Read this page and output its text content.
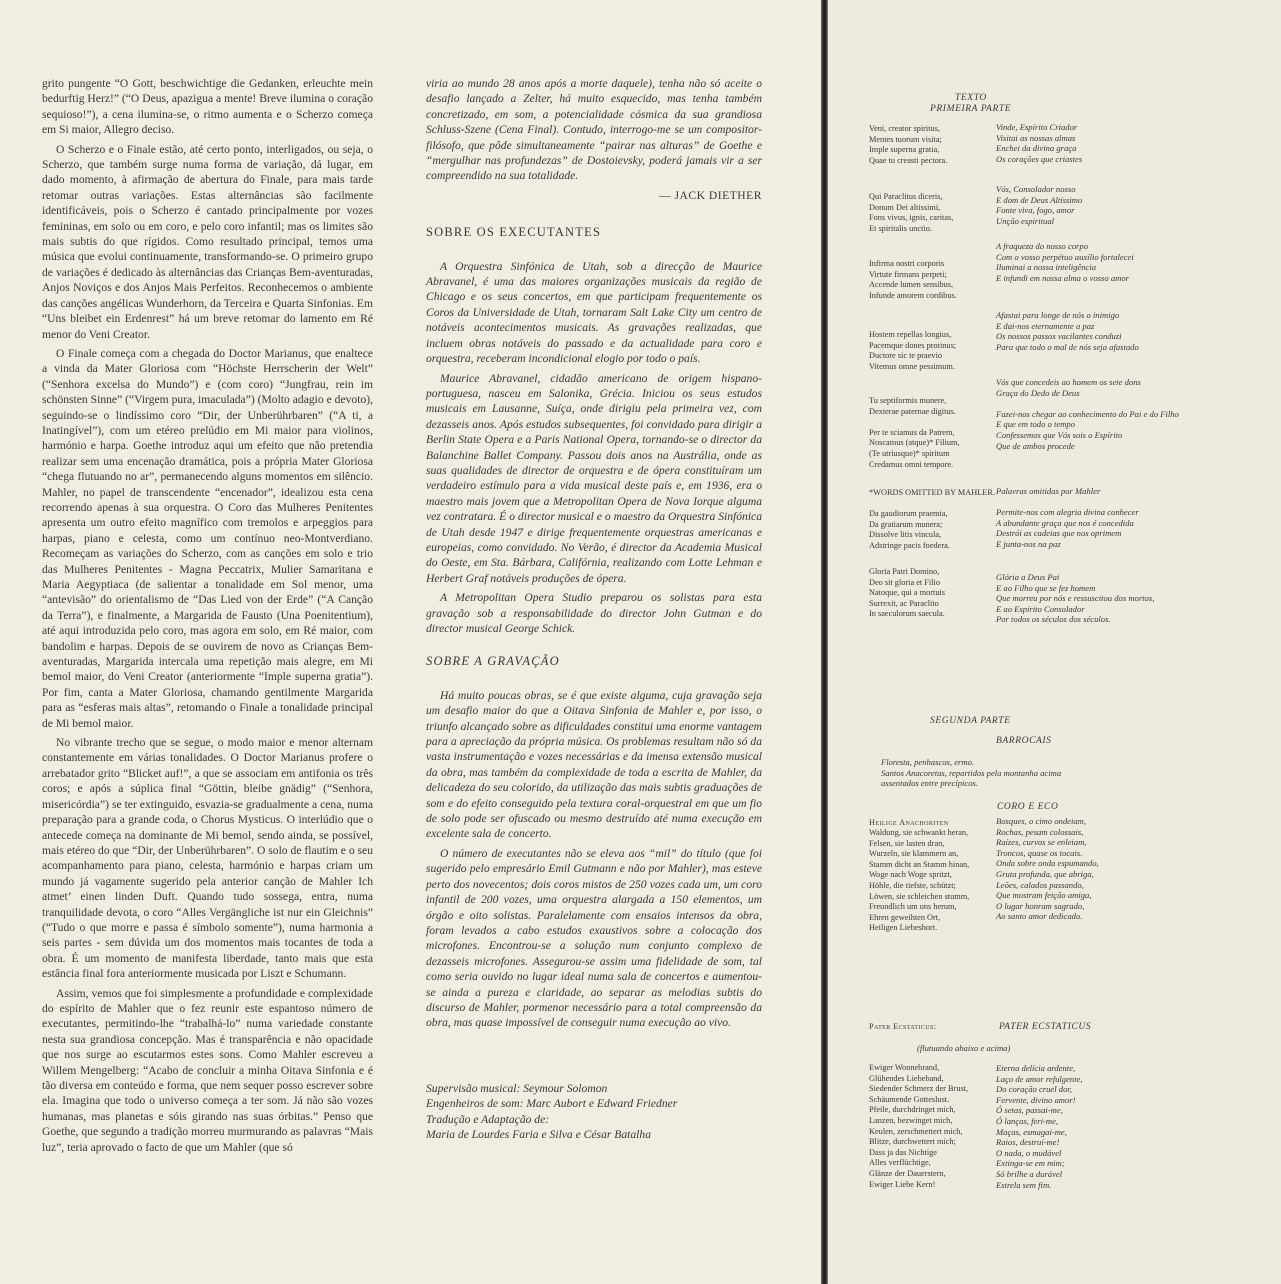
grito pungente “O Gott, beschwichtige die Gedanken, erleuchte mein bedurftig Herz!” (“O Deus, apazigua a mente! Breve ilumina o coração sequioso!”), a cena ilumina-se, o ritmo aumenta e o Scherzo começa em Si maior, Allegro deciso.

O Scherzo e o Finale estão, até certo ponto, interligados, ou seja, o Scherzo, que também surge numa forma de variação, dá lugar, em dado momento, à afirmação de abertura do Finale, para mais tarde retomar outras variações. Estas alternâncias são facilmente identificáveis, pois o Scherzo é cantado principalmente por vozes femininas, em solo ou em coro, e pelo coro infantil; mas os limites são mais subtis do que rígidos. Como resultado principal, temos uma música que evolui continuamente, transformando-se. O primeiro grupo de variações é dedicado às alternâncias das Crianças Bem-aventuradas, Anjos Noviços e dos Anjos Mais Perfeitos. Reconhecemos o ambiente das canções angélicas Wunderhorn, da Terceira e Quarta Sinfonias. Em “Uns bleibet ein Erdenrest” há um breve retomar do lamento em Ré menor do Veni Creator.

O Finale começa com a chegada do Doctor Marianus, que enaltece a vinda da Mater Gloriosa com “Höchste Herrscherin der Welt” (“Senhora excelsa do Mundo”) e (com coro) “Jungfrau, rein im schönsten Sinne” (“Virgem pura, imaculada”) (Molto adagio e devoto), seguindo-se o lindíssimo coro “Dir, der Unberührbaren” (“A ti, a Inatingível”), com um etéreo prelúdio em Mi maior para violinos, harmónio e harpa. Goethe introduz aqui um efeito que não pretendia realizar sem uma encenação dramática, pois a própria Mater Gloriosa “chega flutuando no ar”, permanecendo alguns momentos em silêncio. Mahler, no papel de transcendente “encenador”, idealizou esta cena recorrendo apenas à sua orquestra. O Coro das Mulheres Penitentes apresenta um outro efeito magnífico com tremolos e arpeggios para harpas, piano e celesta, como um contínuo neo-Montverdiano. Recomeçam as variações do Scherzo, com as canções em solo e trio das Mulheres Penitentes - Magna Peccatrix, Mulier Samaritana e Maria Aegyptiaca (de salientar a tonalidade em Sol menor, uma “antevisão” do orientalismo de “Das Lied von der Erde” (“A Canção da Terra”), e finalmente, a Margarida de Fausto (Una Poenitentium), até aqui introduzida pelo coro, mas agora em solo, em Ré maior, com bandolim e harpas. Depois de se ouvirem de novo as Crianças Bem-aventuradas, Margarida intercala uma repetição mais alegre, em Mi bemol maior, do Veni Creator (anteriormente “Imple superna gratia”). Por fim, canta a Mater Gloriosa, chamando gentilmente Margarida para as “esferas mais altas”, retomando o Finale a tonalidade principal de Mi bemol maior.

No vibrante trecho que se segue, o modo maior e menor alternam constantemente em várias tonalidades. O Doctor Marianus profere o arrebatador grito “Blicket auf!”, a que se associam em antifonia os três coros; e após a súplica final “Göttin, bleibe gnädig” (“Senhora, misericórdia”) se ter extinguido, esvazia-se gradualmente a cena, numa preparação para a grande coda, o Chorus Mysticus. O interlúdio que o antecede começa na dominante de Mi bemol, sendo ainda, se possível, mais etéreo do que “Dir, der Unberührbaren”. O solo de flautim e o seu acompanhamento para piano, celesta, harmónio e harpas criam um mundo já vagamente sugerido pela anterior canção de Mahler Ich atmet’ einen linden Duft. Quando tudo sossega, entra, numa tranquilidade devota, o coro “Alles Vergängliche ist nur ein Gleichnis” (“Tudo o que morre e passa é símbolo somente”), numa harmonia a seis partes - sem dúvida um dos momentos mais tocantes de toda a obra. É um momento de manifesta liberdade, tanto mais que esta estância final fora anteriormente musicada por Liszt e Schumann.

Assim, vemos que foi simplesmente a profundidade e complexidade do espírito de Mahler que o fez reunir este espantoso número de executantes, permitindo-lhe “trabalhá-lo” numa variedade constante nesta sua grandiosa concepção. Mas é transparência e não opacidade que nos surge ao escutarmos estes sons. Como Mahler escreveu a Willem Mengelberg: “Acabo de concluir a minha Oitava Sinfonia e é tão diversa em conteúdo e forma, que nem sequer posso escrever sobre ela. Imagina que todo o universo começa a ter som. Já não são vozes humanas, mas planetas e sóis girando nas suas órbitas.” Penso que Goethe, que segundo a tradição morreu murmurando as palavras “Mais luz”, teria aprovado o facto de que um Mahler (que só

viria ao mundo 28 anos após a morte daquele), tenha não só aceite o desafio lançado a Zelter, há muito esquecido, mas tenha também concretizado, em som, a potencialidade cósmica da sua grandiosa Schluss-Szene (Cena Final). Contudo, interrogo-me se um compositor-filósofo, que pôde simultaneamente “pairar nas alturas” de Goethe e “mergulhar nas profundezas” de Dostoievsky, poderá jamais vir a ser compreendido na sua totalidade.

— JACK DIETHER
SOBRE OS EXECUTANTES

A Orquestra Sinfónica de Utah, sob a direcção de Maurice Abravanel, é uma das maiores organizações musicais da região de Chicago e os seus concertos, em que participam frequentemente os Coros da Universidade de Utah, tornaram Salt Lake City um centro de notáveis acontecimentos musicais. As gravações realizadas, que incluem obras notáveis do passado e da actualidade para coro e orquestra, receberam incondicional elogio por todo o país.

Maurice Abravanel, cidadão americano de origem hispano-portuguesa, nasceu em Salonika, Grécia. Iniciou os seus estudos musicais em Lausanne, Suíça, onde dirigiu pela primeira vez, com dezasseis anos. Após estudos subsequentes, foi convidado para dirigir a Berlin State Opera e a Paris National Opera, tornando-se o director da Balanchine Ballet Company. Passou dois anos na Austrália, onde as suas qualidades de director de orquestra e de ópera constituíram um verdadeiro estímulo para a vida musical deste país e, em 1936, era o maestro mais jovem que a Metropolitan Opera de Nova Iorque alguma vez contratara. É o director musical e o maestro da Orquestra Sinfónica de Utah desde 1947 e dirige frequentemente orquestras americanas e europeias, como convidado. No Verão, é director da Academia Musical do Oeste, em Sta. Bárbara, Califórnia, realizando com Lotte Lehman e Herbert Graf notáveis produções de ópera.

A Metropolitan Opera Studio preparou os solistas para esta gravação sob a responsabilidade do director John Gutman e do director musical George Schick.

SOBRE A GRAVAÇÃO

Há muito poucas obras, se é que existe alguma, cuja gravação seja um desafio maior do que a Oitava Sinfonia de Mahler e, por isso, o triunfo alcançado sobre as dificuldades constitui uma enorme vantagem para a apreciação da própria música. Os problemas resultam não só da vasta instrumentação e vozes necessárias e da imensa extensão musical da obra, mas também da complexidade de toda a escrita de Mahler, da delicadeza do seu colorido, da utilização das mais subtis graduações de som e do efeito conseguido pela textura coral-orquestral em que um fio de solo pode ser ofuscado ou mesmo destruído até numa execução em excelente sala de concerto.

O número de executantes não se eleva aos “mil” do título (que foi sugerido pelo empresário Emil Gutmann e não por Mahler), mas esteve perto dos novecentos; dois coros mistos de 250 vozes cada um, um coro infantil de 200 vozes, uma orquestra alargada a 150 elementos, um órgão e oito solistas. Paralelamente com ensaios intensos da obra, foram levados a cabo estudos exaustivos sobre a colocação dos microfones. Encontrou-se a solução num conjunto complexo de dezasseis microfones. Assegurou-se assim uma fidelidade de som, tal como seria ouvido no lugar ideal numa sala de concertos e aumentou-se ainda a pureza e claridade, ao separar as melodias subtis do discurso de Mahler, pormenor necessário para a total compreensão da obra, mas quase impossível de conseguir numa execução ao vivo.

Supervisão musical: Seymour Solomon
Engenheiros de som: Marc Aubort e Edward Friedner
Tradução e Adaptação de:
Maria de Lourdes Faria e Silva e César Batalha
TEXTO
PRIMEIRA PARTE
Veni, creator spiritus,
Mentes tuorum visita;
Imple superna gratia,
Quae tu creasti pectora.
Vinde, Espírito Criador
Visitai as nossas almas
Enchei da divina graça
Os corações que criastes
Qui Paraclitus diceris,
Donum Dei altissimi,
Fons vivus, ignis, caritas,
Et spiritalis unctio.
Vós, Consolador nosso
E dom de Deus Altíssimo
Fonte viva, fogo, amor
Unção espiritual
Infirma nostri corporis
Virtute firmans perpeti;
Accende lumen sensibus,
Infunde amorem cordibus.
A fraqueza do nosso corpo
Com o vosso perpétuo auxílio fortalecei
Iluminai a nossa inteligência
E infundi em nossa alma o vosso amor
Hostem repellas longius,
Pacemque dones protinus;
Ductore sic te praevio
Vitemus omne pessimum.
Afastai para longe de nós o inimigo
E dai-nos eternamente a paz
Os nossos passos vacilantes conduzi
Para que todo o mal de nós seja afastado
Tu septiformis munere,
Dexterae paternae digitus.

Per te sciamus da Patrem,
Noscamus (atque)* Filium,
(Te utriusque)* spiritum
Credamus omni tempore.
Vós que concedeis ao homem os sete dons
Graça do Dedo de Deus

Fazei-nos chegar ao conhecimento do Pai e do Filho
E que em todo o tempo
Confessemos que Vós sois o Espírito
Que de ambos procede
*WORDS OMITTED BY MAHLER.

Da gaudiorum praemia,
Da gratiarum munera;
Dissolve litis vincula,
Adstringe pacis foedera.
Palavras omitidas por Mahler

Permite-nos com alegria divina conhecer
A abundante graça que nos é concedida
Destrói as cadeias que nos oprimem
E junta-nos na paz
Gloria Patri Domino,
Deo sit gloria et Filio
Natoque, qui a mortuis
Surrexit, ac Paraclito
In saeculorum saecula.
Glória a Deus Pai
E ao Filho que se fez homem
Que morreu por nós e ressuscitou dos mortos,
E ao Espírito Consolador
Por todos os séculos dos séculos.
SEGUNDA PARTE
BARROCAIS
Floresta, penhascos, ermo.
Santos Anacoretas, repartidos pela montanha acima
assentados entre precípicos.
CORO E ECO
Heilige Anachoriten
Waldung, sie schwankt heran,
Felsen, sie lasten dran,
Wurzeln, sie klammern an,
Stamm dicht an Stamm hinan,
Woge nach Woge spritzt,
Höhle, die tiefste, schützt;
Löwen, sie schleichen stumm,
Freundlich um uns herum,
Ehren geweihten Ort,
Heiligen Liebeshort.
Bosques, o cimo ondeiam,
Rochas, pesam colossais,
Raízes, curvas se enleiam,
Troncos, quase os tocais.
Onda sobre onda espumando,
Gruta profunda, que abriga,
Leões, calados passando,
Que mostram feição amiga,
O lugar honram sagrado,
Ao santo amor dedicado.
Pater Ecstaticus:	PATER ECSTATICUS
(flutuando abaixo e acima)
Ewiger Wonnebrand,
Glühendes Liebeband,
Siedender Schmerz der Brust,
Schäumende Gotteslust.
Pfeile, durchdringet mich,
Lanzen, bezwinget mich,
Keulen, zerschmettert mich,
Blitze, durchwettert mich;
Dass ja das Nichtige
Alles verflüchtige,
Glänze der Dauerstern,
Ewiger Liebe Kern!
Eterna delícia ardente,
Laço de amor refulgente,
Do coração cruel dor,
Fervente, divino amor!
Ó setas, passai-me,
Ó lanças, feri-me,
Maças, esmagai-me,
Raios, destruí-me!
O nada, o mudável
Extinga-se em mim;
Só brilhe a durável
Estrela sem fim.
